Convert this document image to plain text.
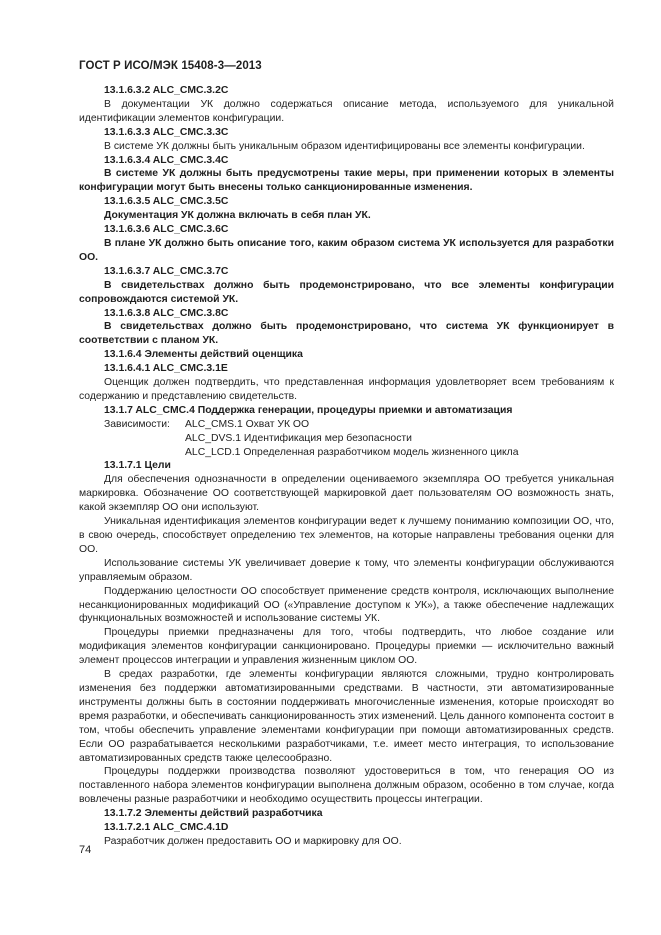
ГОСТ Р ИСО/МЭК 15408-3—2013

13.1.6.3.2 ALC_CMC.3.2C

В документации УК должно содержаться описание метода, используемого для уникальной идентификации элементов конфигурации.

13.1.6.3.3 ALC_CMC.3.3C

В системе УК должны быть уникальным образом идентифицированы все элементы конфигурации.

13.1.6.3.4 ALC_CMC.3.4C

В системе УК должны быть предусмотрены такие меры, при применении которых в элементы конфигурации могут быть внесены только санкционированные изменения.

13.1.6.3.5 ALC_CMC.3.5C

Документация УК должна включать в себя план УК.

13.1.6.3.6 ALC_CMC.3.6C

В плане УК должно быть описание того, каким образом система УК используется для разработки ОО.

13.1.6.3.7 ALC_CMC.3.7C

В свидетельствах должно быть продемонстрировано, что все элементы конфигурации сопровождаются системой УК.

13.1.6.3.8 ALC_CMC.3.8C

В свидетельствах должно быть продемонстрировано, что система УК функционирует в соответствии с планом УК.

13.1.6.4 Элементы действий оценщика

13.1.6.4.1 ALC_CMC.3.1E

Оценщик должен подтвердить, что представленная информация удовлетворяет всем требованиям к содержанию и представлению свидетельств.

13.1.7 ALC_CMC.4 Поддержка генерации, процедуры приемки и автоматизация

Зависимости:	ALC_CMS.1 Охват УК ОО
ALC_DVS.1 Идентификация мер безопасности
ALC_LCD.1 Определенная разработчиком модель жизненного цикла

13.1.7.1 Цели

Для обеспечения однозначности в определении оцениваемого экземпляра ОО требуется уникальная маркировка. Обозначение ОО соответствующей маркировкой дает пользователям ОО возможность знать, какой экземпляр ОО они используют.

Уникальная идентификация элементов конфигурации ведет к лучшему пониманию композиции ОО, что, в свою очередь, способствует определению тех элементов, на которые направлены требования оценки для ОО.

Использование системы УК увеличивает доверие к тому, что элементы конфигурации обслуживаются управляемым образом.

Поддержанию целостности ОО способствует применение средств контроля, исключающих выполнение несанкционированных модификаций ОО («Управление доступом к УК»), а также обеспечение надлежащих функциональных возможностей и использование системы УК.

Процедуры приемки предназначены для того, чтобы подтвердить, что любое создание или модификация элементов конфигурации санкционировано. Процедуры приемки — исключительно важный элемент процессов интеграции и управления жизненным циклом ОО.

В средах разработки, где элементы конфигурации являются сложными, трудно контролировать изменения без поддержки автоматизированными средствами. В частности, эти автоматизированные инструменты должны быть в состоянии поддерживать многочисленные изменения, которые происходят во время разработки, и обеспечивать санкционированность этих изменений. Цель данного компонента состоит в том, чтобы обеспечить управление элементами конфигурации при помощи автоматизированных средств. Если ОО разрабатывается несколькими разработчиками, т.е. имеет место интеграция, то использование автоматизированных средств также целесообразно.

Процедуры поддержки производства позволяют удостовериться в том, что генерация ОО из поставленного набора элементов конфигурации выполнена должным образом, особенно в том случае, когда вовлечены разные разработчики и необходимо осуществить процессы интеграции.

13.1.7.2 Элементы действий разработчика

13.1.7.2.1 ALC_CMC.4.1D

Разработчик должен предоставить ОО и маркировку для ОО.

74
